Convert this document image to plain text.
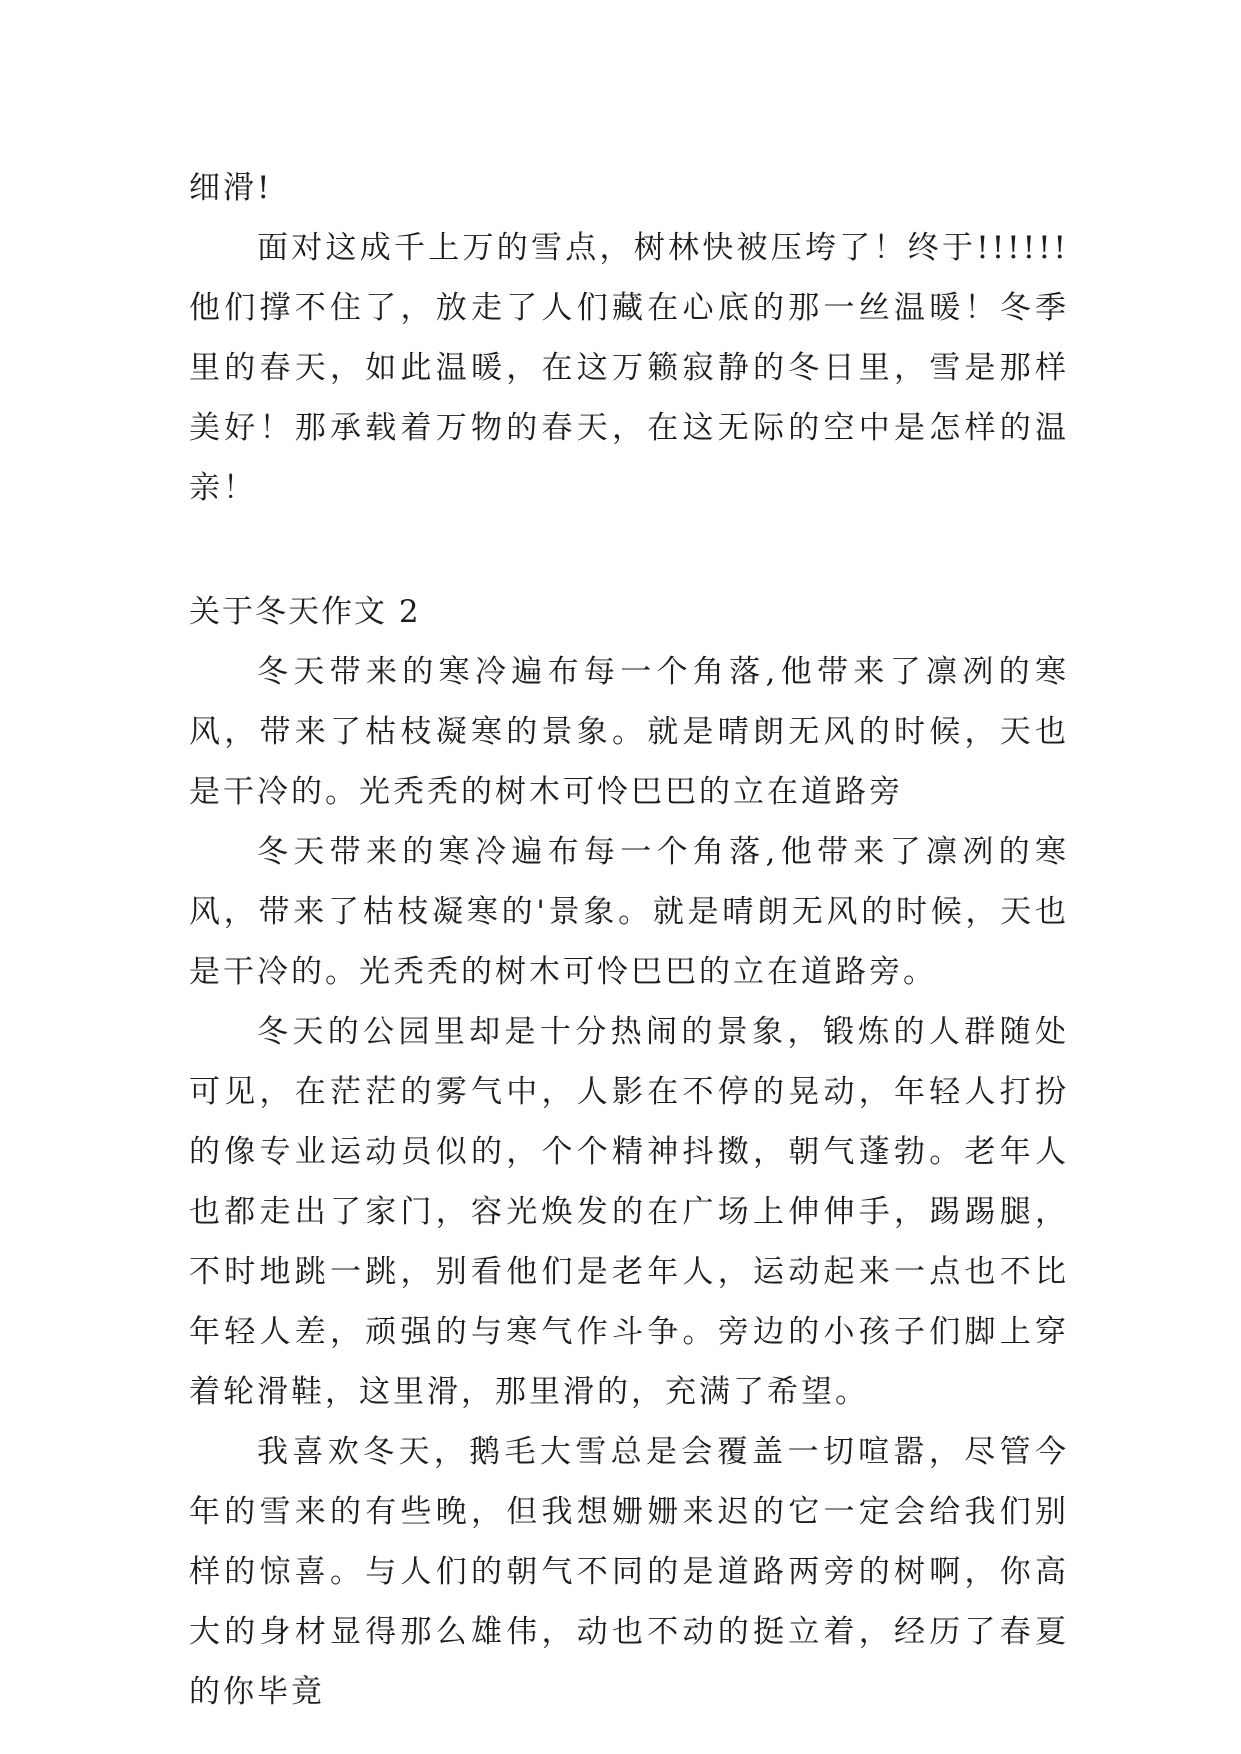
细滑!

面对这成千上万的雪点，树林快被压垮了！终于!!!!!!他们撑不住了，放走了人们藏在心底的那一丝温暖！冬季里的春天，如此温暖，在这万籁寂静的冬日里，雪是那样美好！那承载着万物的春天，在这无际的空中是怎样的温亲！

关于冬天作文 2

冬天带来的寒冷遍布每一个角落,他带来了凛冽的寒风，带来了枯枝凝寒的景象。就是晴朗无风的时候，天也是干冷的。光秃秃的树木可怜巴巴的立在道路旁

冬天带来的寒冷遍布每一个角落,他带来了凛冽的寒风，带来了枯枝凝寒的'景象。就是晴朗无风的时候，天也是干冷的。光秃秃的树木可怜巴巴的立在道路旁。

冬天的公园里却是十分热闹的景象，锻炼的人群随处可见，在茫茫的雾气中，人影在不停的晃动，年轻人打扮的像专业运动员似的，个个精神抖擞，朝气蓬勃。老年人也都走出了家门，容光焕发的在广场上伸伸手，踢踢腿，不时地跳一跳，别看他们是老年人，运动起来一点也不比年轻人差，顽强的与寒气作斗争。旁边的小孩子们脚上穿着轮滑鞋，这里滑，那里滑的，充满了希望。

我喜欢冬天，鹅毛大雪总是会覆盖一切喧嚣，尽管今年的雪来的有些晚，但我想姗姗来迟的它一定会给我们别样的惊喜。与人们的朝气不同的是道路两旁的树啊，你高大的身材显得那么雄伟，动也不动的挺立着，经历了春夏的你毕竟
